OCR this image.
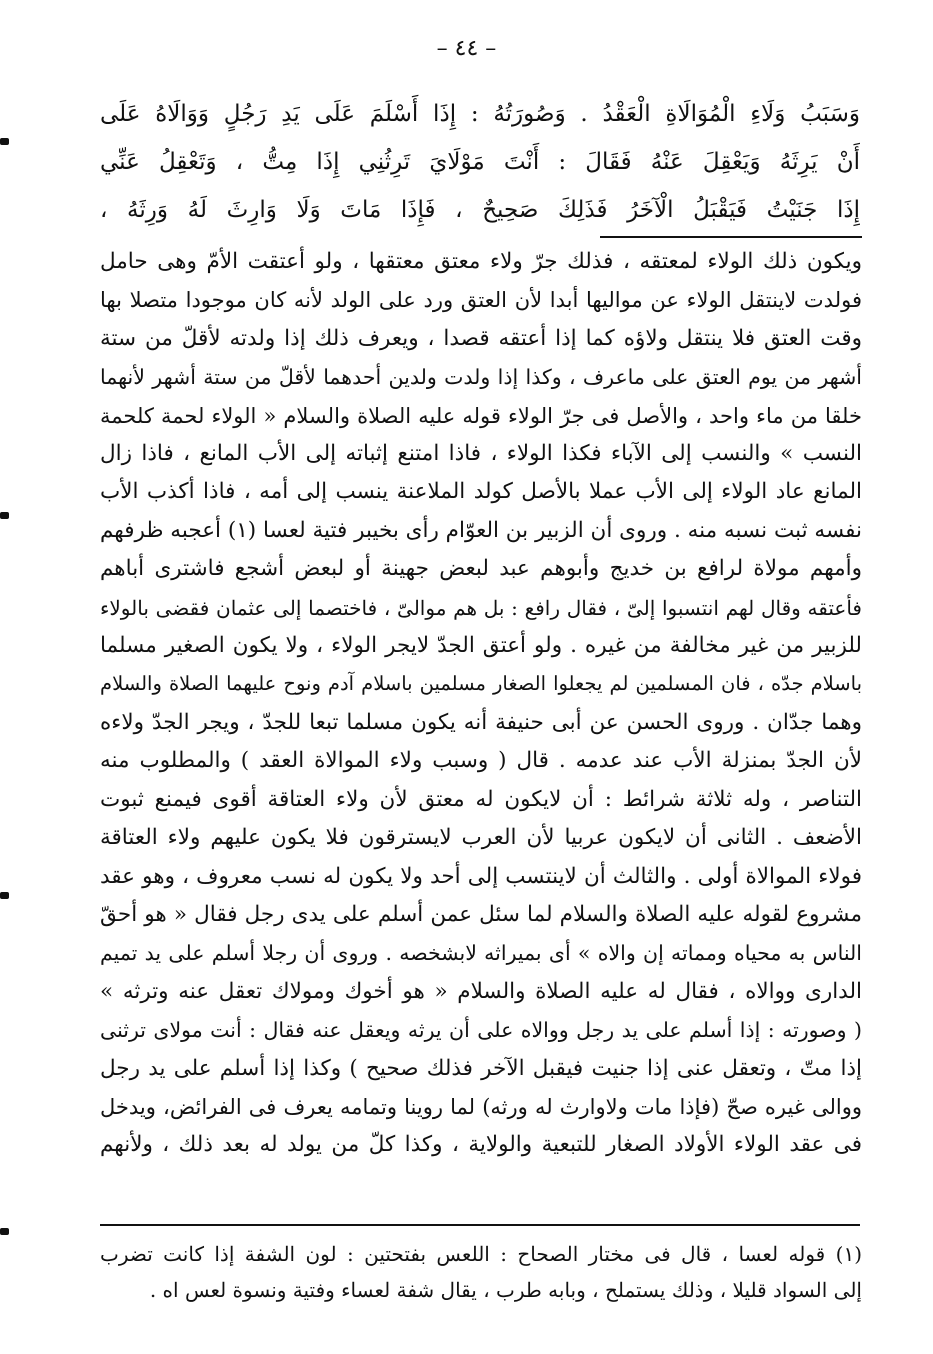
– ٤٤ –
وَسَبَبُ وَلَاءِ الْمُوَالَاةِ الْعَقْدُ . وَصُورَتُهُ : إِذَا أَسْلَمَ عَلَى يَدِ رَجُلٍ وَوَالَاهُ عَلَى
أَنْ يَرِثَهُ وَيَعْقِلَ عَنْهُ فَقَالَ : أَنْتَ مَوْلَايَ تَرِثُنِي إِذَا مِتُّ ، وَتَعْقِلُ عَنِّي
إِذَا جَنَيْتُ فَيَقْبَلُ الْآخَرُ فَذَلِكَ صَحِيحٌ ، فَإِذَا مَاتَ وَلَا وَارِثَ لَهُ وَرِثَهُ ،
ويكون ذلك الولاء لمعتقه ، فذلك جرّ ولاء معتق معتقها ، ولو أعتقت الأمّ وهى حامل
فولدت لاينتقل الولاء عن مواليها أبدا لأن العتق ورد على الولد لأنه كان موجودا متصلا بها
وقت العتق فلا ينتقل ولاؤه كما إذا أعتقه قصدا ، ويعرف ذلك إذا ولدته لأقلّ من ستة
أشهر من يوم العتق على ماعرف ، وكذا إذا ولدت ولدين أحدهما لأقلّ من ستة أشهر لأنهما
خلقا من ماء واحد ، والأصل فى جرّ الولاء قوله عليه الصلاة والسلام « الولاء لحمة كلحمة
النسب » والنسب إلى الآباء فكذا الولاء ، فاذا امتنع إثباته إلى الأب المانع ، فاذا زال
المانع عاد الولاء إلى الأب عملا بالأصل كولد الملاعنة ينسب إلى أمه ، فاذا أكذب الأب
نفسه ثبت نسبه منه . وروى أن الزبير بن العوّام رأى بخيبر فتية لعسا (١) أعجبه ظرفهم
وأمهم مولاة لرافع بن خديج وأبوهم عبد لبعض جهينة أو لبعض أشجع فاشترى أباهم
فأعتقه وقال لهم انتسبوا إلىّ ، فقال رافع : بل هم موالىّ ، فاختصما إلى عثمان فقضى بالولاء
للزبير من غير مخالفة من غيره . ولو أعتق الجدّ لايجر الولاء ، ولا يكون الصغير مسلما
باسلام جدّه ، فان المسلمين لم يجعلوا الصغار مسلمين باسلام آدم ونوح عليهما الصلاة والسلام
وهما جدّان . وروى الحسن عن أبى حنيفة أنه يكون مسلما تبعا للجدّ ، ويجر الجدّ ولاءه
لأن الجدّ بمنزلة الأب عند عدمه . قال ( وسبب ولاء الموالاة العقد ) والمطلوب منه
التناصر ، وله ثلاثة شرائط : أن لايكون له معتق لأن ولاء العتاقة أقوى فيمنع ثبوت
الأضعف . الثانى أن لايكون عربيا لأن العرب لايسترقون فلا يكون عليهم ولاء العتاقة
فولاء الموالاة أولى . والثالث أن لاينتسب إلى أحد ولا يكون له نسب معروف ، وهو عقد
مشروع لقوله عليه الصلاة والسلام لما سئل عمن أسلم على يدى رجل فقال « هو أحقّ
الناس به محياه ومماته إن والاه » أى بميراثه لابشخصه . وروى أن رجلا أسلم على يد تميم
الدارى ووالاه ، فقال له عليه الصلاة والسلام « هو أخوك ومولاك تعقل عنه وترثه »
( وصورته : إذا أسلم على يد رجل ووالاه على أن يرثه ويعقل عنه فقال : أنت مولاى ترثنى
إذا متّ ، وتعقل عنى إذا جنيت فيقبل الآخر فذلك صحيح ) وكذا إذا أسلم على يد رجل
ووالى غيره صحّ (فإذا مات ولاوارث له ورثه) لما روينا وتمامه يعرف فى الفرائض، ويدخل
فى عقد الولاء الأولاد الصغار للتبعية والولاية ، وكذا كلّ من يولد له بعد ذلك ، ولأنهم
(١) قوله لعسا ، قال فى مختار الصحاح : اللعس بفتحتين : لون الشفة إذا كانت تضرب
إلى السواد قليلا ، وذلك يستملح ، وبابه طرب ، يقال شفة لعساء وفتية ونسوة لعس اه .
